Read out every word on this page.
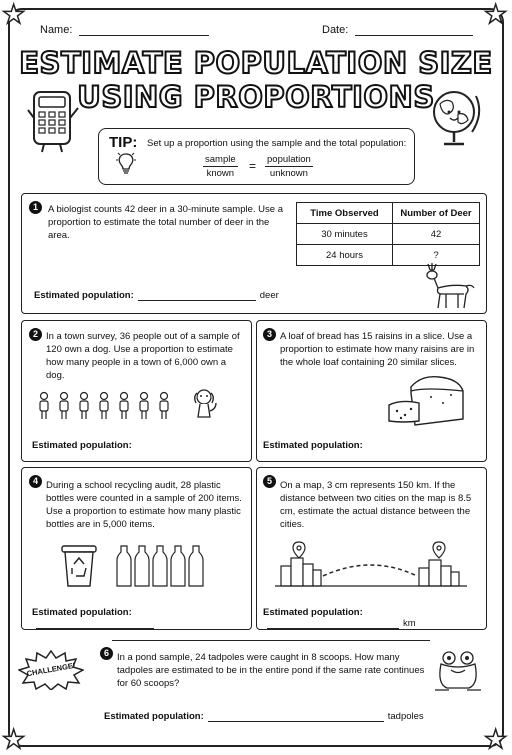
★	★
★	★
Name:	Date:
ESTIMATE POPULATION SIZE
USING PROPORTIONS
TIP: Set up a proportion using the sample and the total population:
sample
known
= population
unknown
1	A biologist counts 42 deer in a 30-minute sample. Use a proportion to estimate the total number of deer in the area.
Time Observed	Number of Deer
30 minutes	42
24 hours	?
Estimated population:	deer
2 In a town survey, 36 people out of a sample of 120 own a dog. Use a proportion to estimate how many people in a town of 6,000 own a dog.
Estimated population:
3 A loaf of bread has 15 raisins in a slice. Use a proportion to estimate how many raisins are in the whole loaf containing 20 similar slices.
Estimated population:
4 During a school recycling audit, 28 plastic bottles were counted in a sample of 200 items. Use a proportion to estimate how many plastic bottles are in 5,000 items.
Estimated population:
5 On a map, 3 cm represents 150 km. If the distance between two cities on the map is 8.5 cm, estimate the actual distance between the cities.
Estimated population:km
CHALLENGE!
6 In a pond sample, 24 tadpoles were caught in 8 scoops. How many tadpoles are estimated to be in the entire pond if the same rate continues for 60 scoops?
Estimated population:	tadpoles
